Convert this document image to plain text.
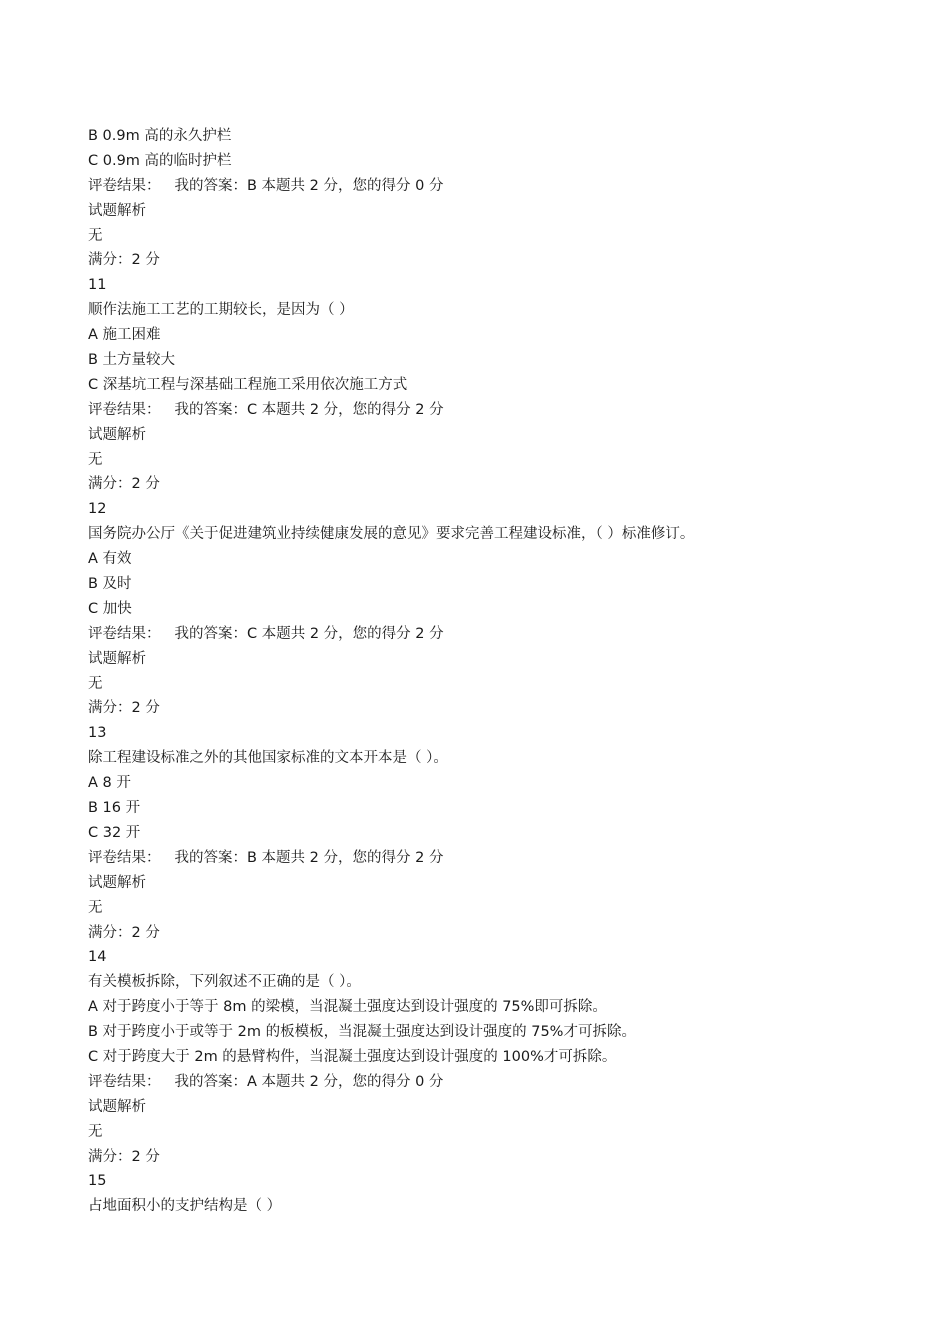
B 0.9m 高的永久护栏
C 0.9m 高的临时护栏
评卷结果： 我的答案：B 本题共 2 分，您的得分 0 分
试题解析
无
满分：2 分
11
顺作法施工工艺的工期较长，是因为（ ）
A 施工困难
B 土方量较大
C 深基坑工程与深基础工程施工采用依次施工方式
评卷结果： 我的答案：C 本题共 2 分，您的得分 2 分
试题解析
无
满分：2 分
12
国务院办公厅《关于促进建筑业持续健康发展的意见》要求完善工程建设标准，（ ）标准修订。
A 有效
B 及时
C 加快
评卷结果： 我的答案：C 本题共 2 分，您的得分 2 分
试题解析
无
满分：2 分
13
除工程建设标准之外的其他国家标准的文本开本是（ ）。
A 8 开
B 16 开
C 32 开
评卷结果： 我的答案：B 本题共 2 分，您的得分 2 分
试题解析
无
满分：2 分
14
有关模板拆除，下列叙述不正确的是（ ）。
A 对于跨度小于等于 8m 的梁模，当混凝土强度达到设计强度的 75%即可拆除。
B 对于跨度小于或等于 2m 的板模板，当混凝土强度达到设计强度的 75%才可拆除。
C 对于跨度大于 2m 的悬臂构件，当混凝土强度达到设计强度的 100%才可拆除。
评卷结果： 我的答案：A 本题共 2 分，您的得分 0 分
试题解析
无
满分：2 分
15
占地面积小的支护结构是（ ）
